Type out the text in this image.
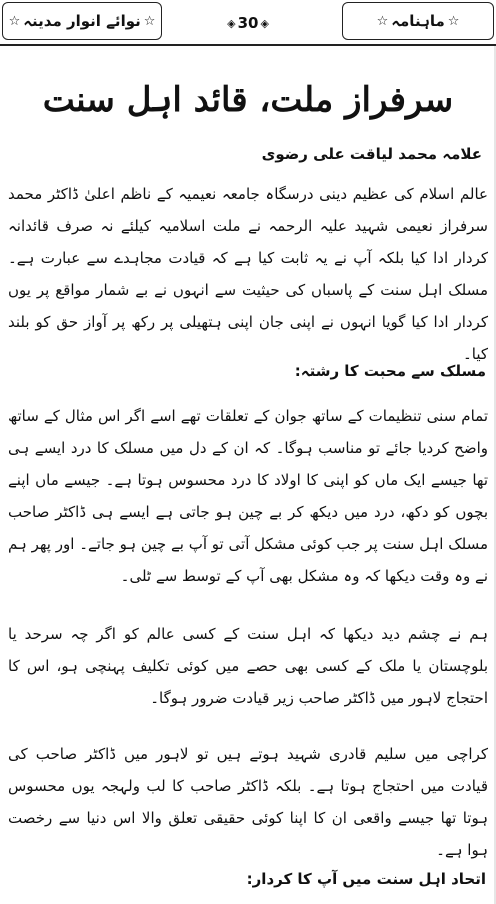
☆
نوائے انوار مدینہ
☆	◈ 30 ◈	☆
ماہنامہ
☆
سرفراز ملت، قائد اہل سنت
علامہ محمد لیاقت علی رضوی
عالم اسلام کی عظیم دینی درسگاہ جامعہ نعیمیہ کے ناظم اعلیٰ ڈاکٹر محمد سرفراز نعیمی شہید علیہ الرحمہ نے ملت اسلامیہ کیلئے نہ صرف قائدانہ کردار ادا کیا بلکہ آپ نے یہ ثابت کیا ہے کہ قیادت مجاہدے سے عبارت ہے۔ مسلک اہل سنت کے پاسباں کی حیثیت سے انہوں نے بے شمار مواقع پر یوں کردار ادا کیا گویا انہوں نے اپنی جان اپنی ہتھیلی پر رکھ پر آواز حق کو بلند کیا۔
مسلک سے محبت کا رشتہ:
تمام سنی تنظیمات کے ساتھ جوان کے تعلقات تھے اسے اگر اس مثال کے ساتھ واضح کردیا جائے تو مناسب ہوگا۔ کہ ان کے دل میں مسلک کا درد ایسے ہی تھا جیسے ایک ماں کو اپنی کا اولاد کا درد محسوس ہوتا ہے۔ جیسے ماں اپنے بچوں کو دکھ، درد میں دیکھ کر بے چین ہو جاتی ہے ایسے ہی ڈاکٹر صاحب مسلک اہل سنت پر جب کوئی مشکل آتی تو آپ بے چین ہو جاتے۔ اور پھر ہم نے وہ وقت دیکھا کہ وہ مشکل بھی آپ کے توسط سے ٹلی۔
ہم نے چشم دید دیکھا کہ اہل سنت کے کسی عالم کو اگر چہ سرحد یا بلوچستان یا ملک کے کسی بھی حصے میں کوئی تکلیف پہنچی ہو، اس کا احتجاج لاہور میں ڈاکٹر صاحب زیر قیادت ضرور ہوگا۔
کراچی میں سلیم قادری شہید ہوتے ہیں تو لاہور میں ڈاکٹر صاحب کی قیادت میں احتجاج ہوتا ہے۔ بلکہ ڈاکٹر صاحب کا لب ولہجہ یوں محسوس ہوتا تھا جیسے واقعی ان کا اپنا کوئی حقیقی تعلق والا اس دنیا سے رخصت ہوا ہے۔
اتحاد اہل سنت میں آپ کا کردار:
